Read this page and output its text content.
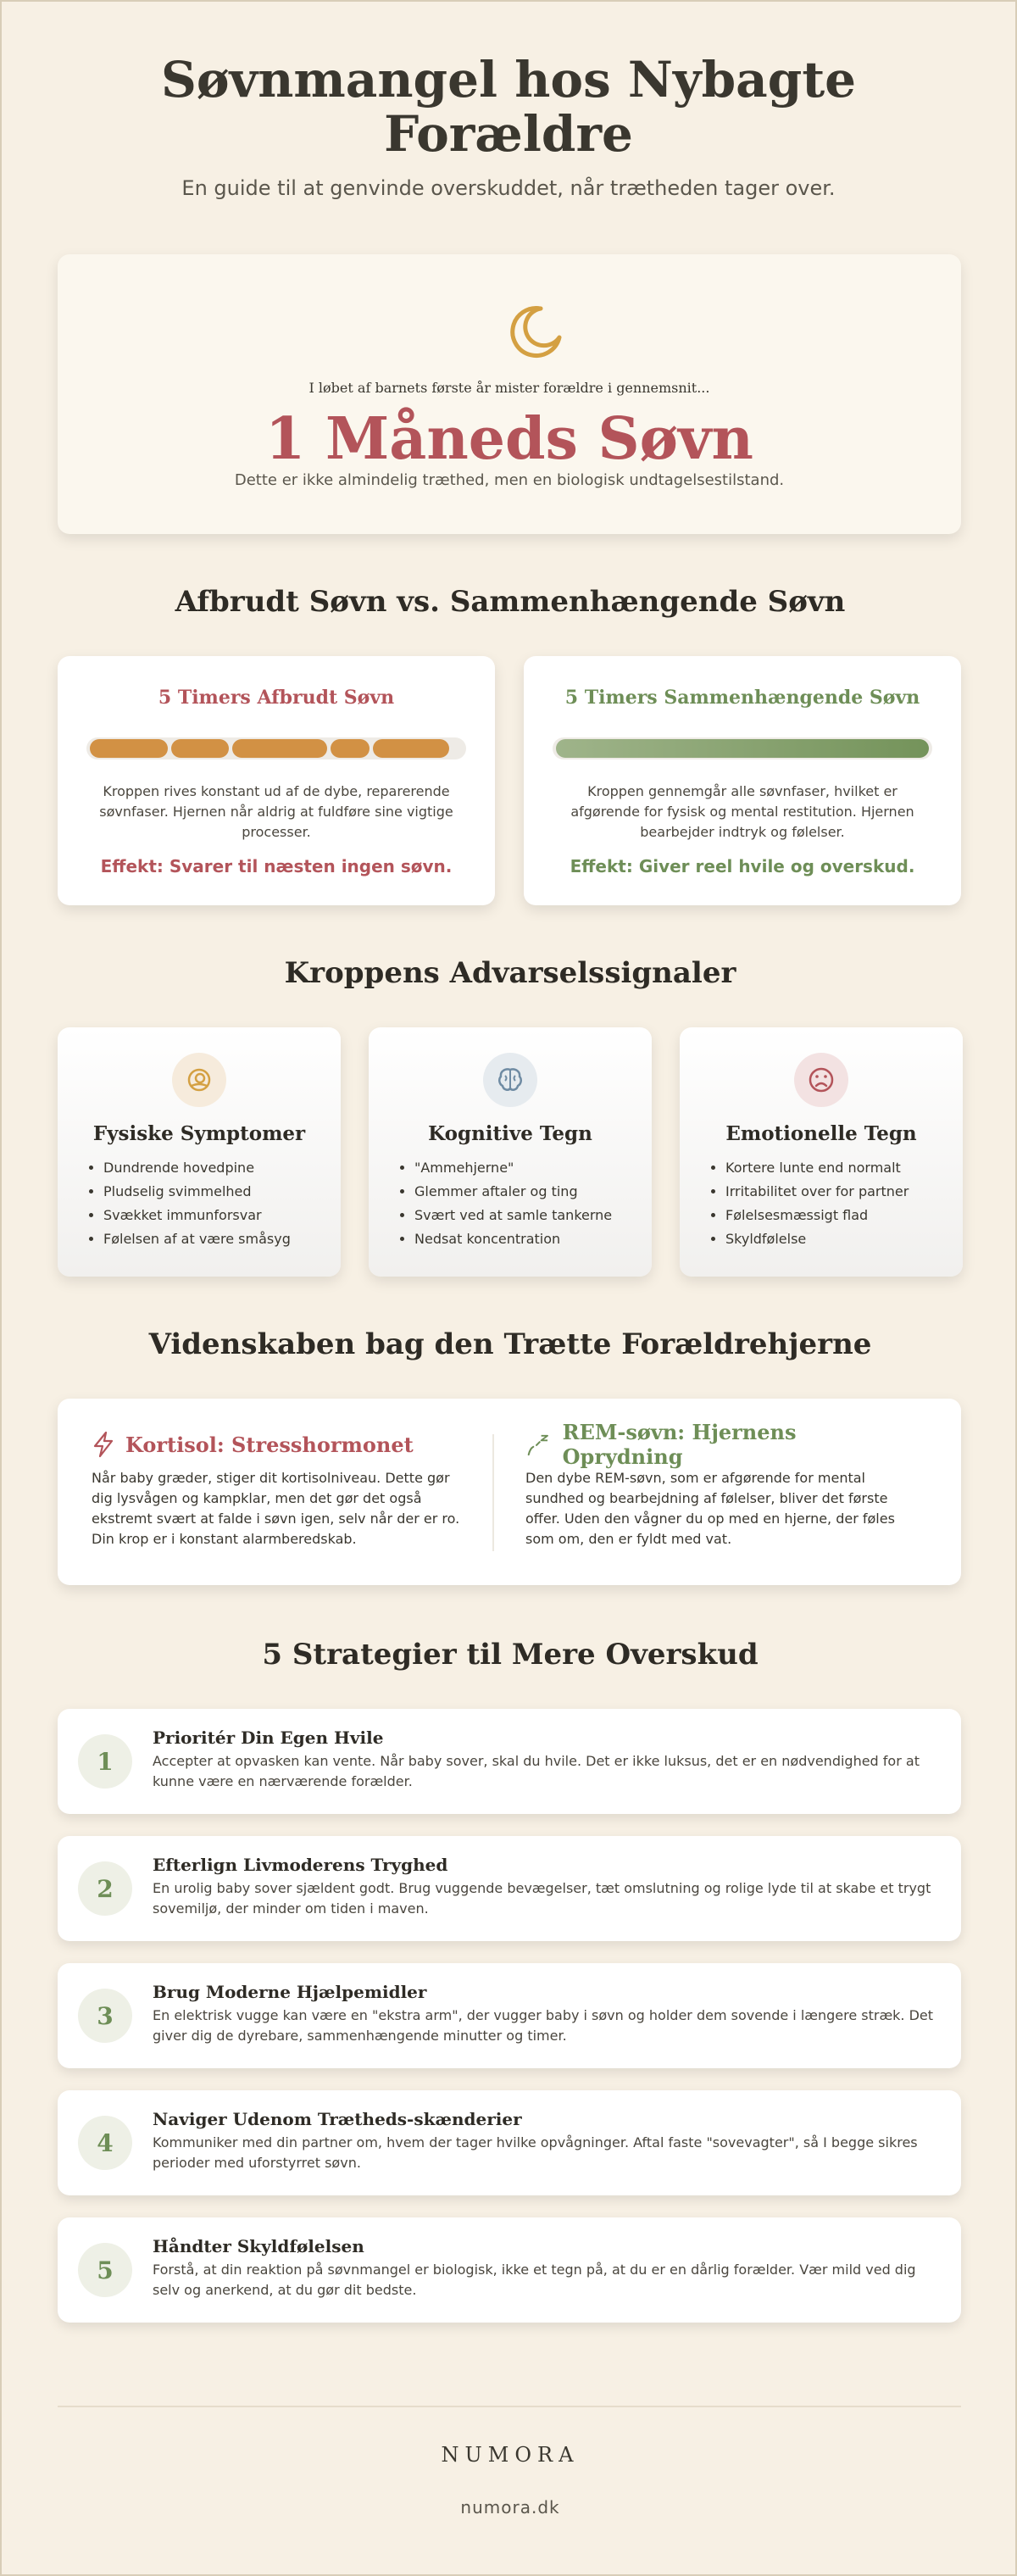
Søvnmangel hos Nybagte Forældre

En guide til at genvinde overskuddet, når trætheden tager over.

I løbet af barnets første år mister forældre i gennemsnit...
1 Måneds Søvn
Dette er ikke almindelig træthed, men en biologisk undtagelsestilstand.
Afbrudt Søvn vs. Sammenhængende Søvn
5 Timers Afbrudt Søvn

Kroppen rives konstant ud af de dybe, reparerende søvnfaser. Hjernen når aldrig at fuldføre sine vigtige processer.

Effekt: Svarer til næsten ingen søvn.
5 Timers Sammenhængende Søvn

Kroppen gennemgår alle søvnfaser, hvilket er afgørende for fysisk og mental restitution. Hjernen bearbejder indtryk og følelser.

Effekt: Giver reel hvile og overskud.
Kroppens Advarselssignaler
Fysiske Symptomer
• Dundrende hovedpine
• Pludselig svimmelhed
• Svækket immunforsvar
• Følelsen af at være småsyg
Kognitive Tegn
• "Ammehjerne"
• Glemmer aftaler og ting
• Svært ved at samle tankerne
• Nedsat koncentration
Emotionelle Tegn
• Kortere lunte end normalt
• Irritabilitet over for partner
• Følelsesmæssigt flad
• Skyldfølelse
Videnskaben bag den Trætte Forældrehjerne
Kortisol: Stresshormonet

Når baby græder, stiger dit kortisolniveau. Dette gør dig lysvågen og kampklar, men det gør det også ekstremt svært at falde i søvn igen, selv når der er ro. Din krop er i konstant alarmberedskab.

REM-søvn: Hjernens Oprydning

Den dybe REM-søvn, som er afgørende for mental sundhed og bearbejdning af følelser, bliver det første offer. Uden den vågner du op med en hjerne, der føles som om, den er fyldt med vat.

5 Strategier til Mere Overskud
1
Prioritér Din Egen Hvile

Accepter at opvasken kan vente. Når baby sover, skal du hvile. Det er ikke luksus, det er en nødvendighed for at kunne være en nærværende forælder.

2
Efterlign Livmoderens Tryghed

En urolig baby sover sjældent godt. Brug vuggende bevægelser, tæt omslutning og rolige lyde til at skabe et trygt sovemiljø, der minder om tiden i maven.

3
Brug Moderne Hjælpemidler

En elektrisk vugge kan være en "ekstra arm", der vugger baby i søvn og holder dem sovende i længere stræk. Det giver dig de dyrebare, sammenhængende minutter og timer.

4
Naviger Udenom Trætheds-skænderier

Kommuniker med din partner om, hvem der tager hvilke opvågninger. Aftal faste "sovevagter", så I begge sikres perioder med uforstyrret søvn.

5
Håndter Skyldfølelsen

Forstå, at din reaktion på søvnmangel er biologisk, ikke et tegn på, at du er en dårlig forælder. Vær mild ved dig selv og anerkend, at du gør dit bedste.

NUMORA
numora.dk
